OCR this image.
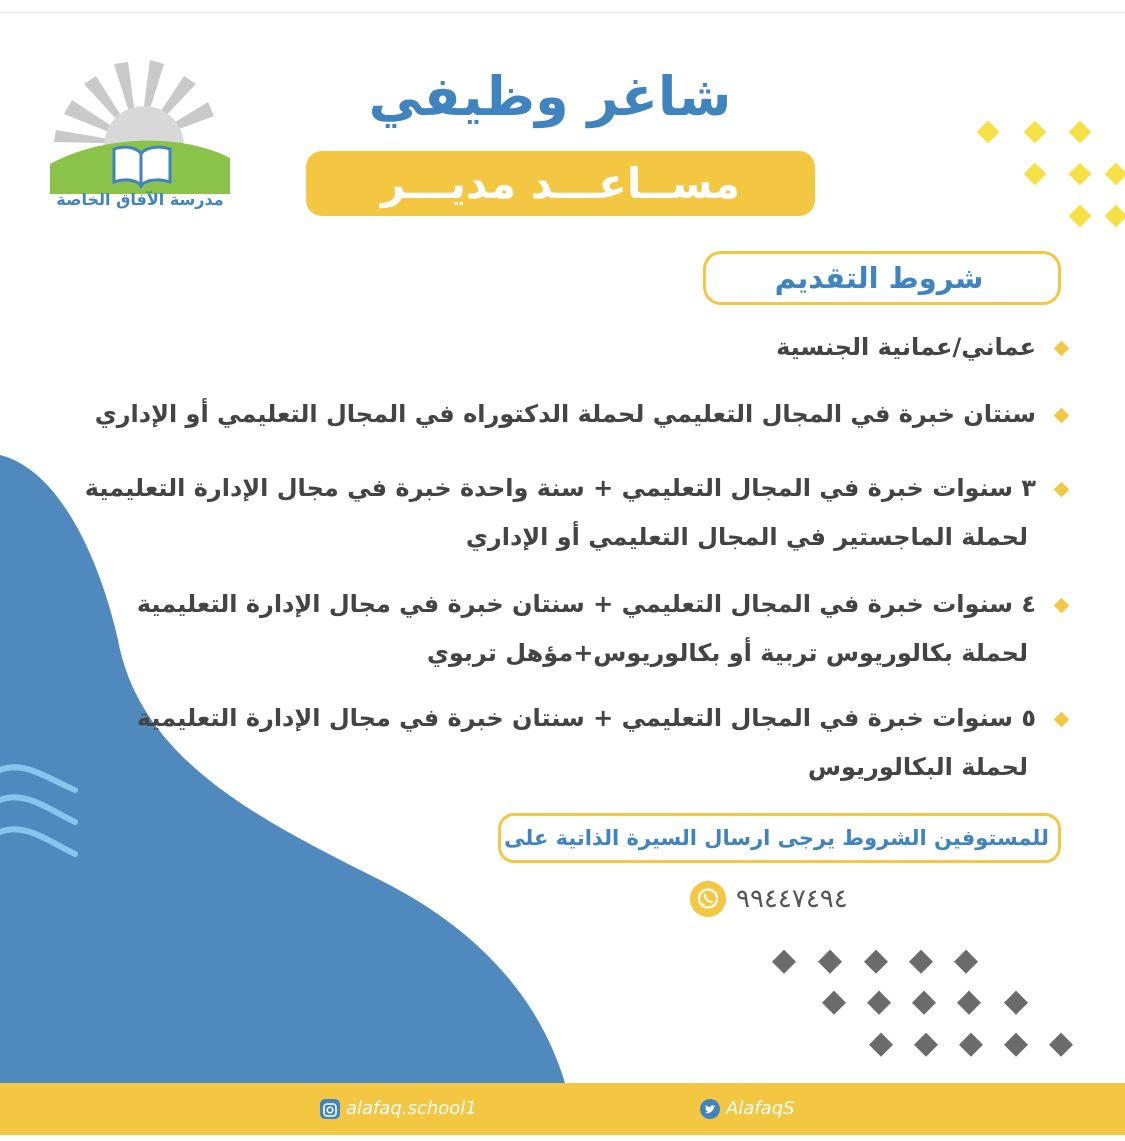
مدرسة الآفاق الخاصة
شاغر وظيفي
مســاعـــد مديـــر
شروط التقديم
عماني/عمانية الجنسية
سنتان خبرة في المجال التعليمي لحملة الدكتوراه في المجال التعليمي أو الإداري
٣ سنوات خبرة في المجال التعليمي + سنة واحدة خبرة في مجال الإدارة التعليمية
لحملة الماجستير في المجال التعليمي أو الإداري
٤ سنوات خبرة في المجال التعليمي + سنتان خبرة في مجال الإدارة التعليمية
لحملة بكالوريوس تربية أو بكالوريوس+مؤهل تربوي
٥ سنوات خبرة في المجال التعليمي + سنتان خبرة في مجال الإدارة التعليمية
لحملة البكالوريوس
للمستوفين الشروط يرجى ارسال السيرة الذاتية على
٩٩٤٤٧٤٩٤
alafaq.school1	AlafaqS
